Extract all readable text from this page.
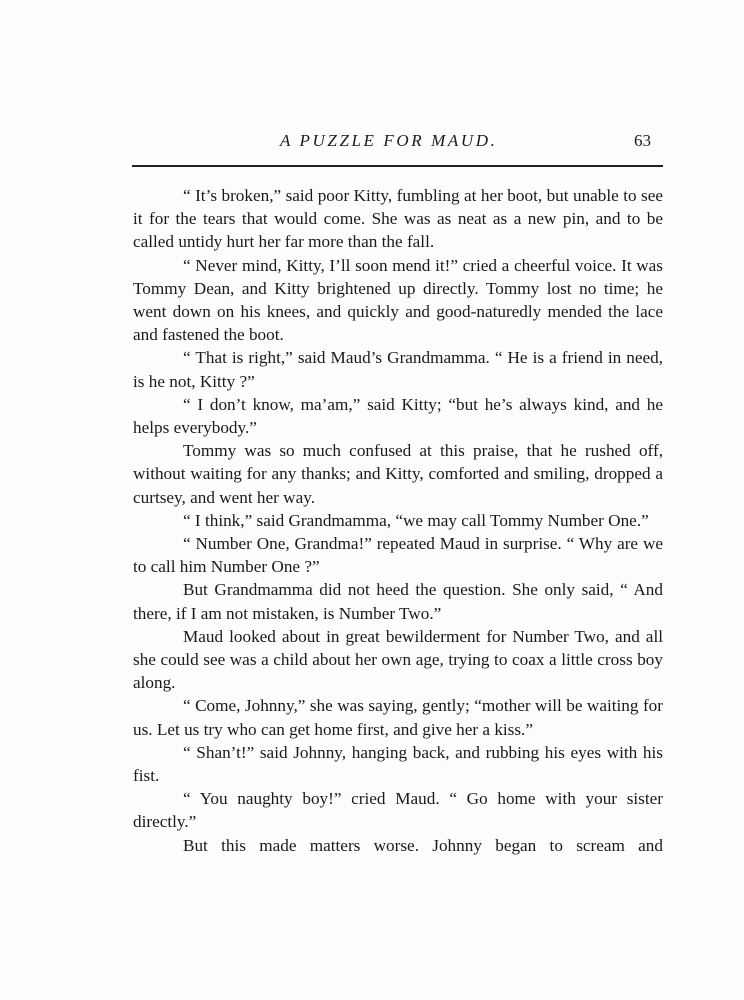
A PUZZLE FOR MAUD.	63

“ It’s broken,” said poor Kitty, fumbling at her boot, but unable to see it for the tears that would come. She was as neat as a new pin, and to be called untidy hurt her far more than the fall.

“ Never mind, Kitty, I’ll soon mend it!” cried a cheerful voice. It was Tommy Dean, and Kitty brightened up directly. Tommy lost no time; he went down on his knees, and quickly and good-naturedly mended the lace and fastened the boot.

“ That is right,” said Maud’s Grandmamma. “ He is a friend in need, is he not, Kitty ?”

“ I don’t know, ma’am,” said Kitty; “but he’s always kind, and he helps everybody.”

Tommy was so much confused at this praise, that he rushed off, without waiting for any thanks; and Kitty, comforted and smiling, dropped a curtsey, and went her way.

“ I think,” said Grandmamma, “we may call Tommy Number One.”

“ Number One, Grandma!” repeated Maud in surprise. “ Why are we to call him Number One ?”

But Grandmamma did not heed the question. She only said, “ And there, if I am not mistaken, is Number Two.”

Maud looked about in great bewilderment for Number Two, and all she could see was a child about her own age, trying to coax a little cross boy along.

“ Come, Johnny,” she was saying, gently; “mother will be waiting for us. Let us try who can get home first, and give her a kiss.”

“ Shan’t!” said Johnny, hanging back, and rubbing his eyes with his fist.

“ You naughty boy!” cried Maud. “ Go home with your sister directly.”

But this made matters worse. Johnny began to scream and
